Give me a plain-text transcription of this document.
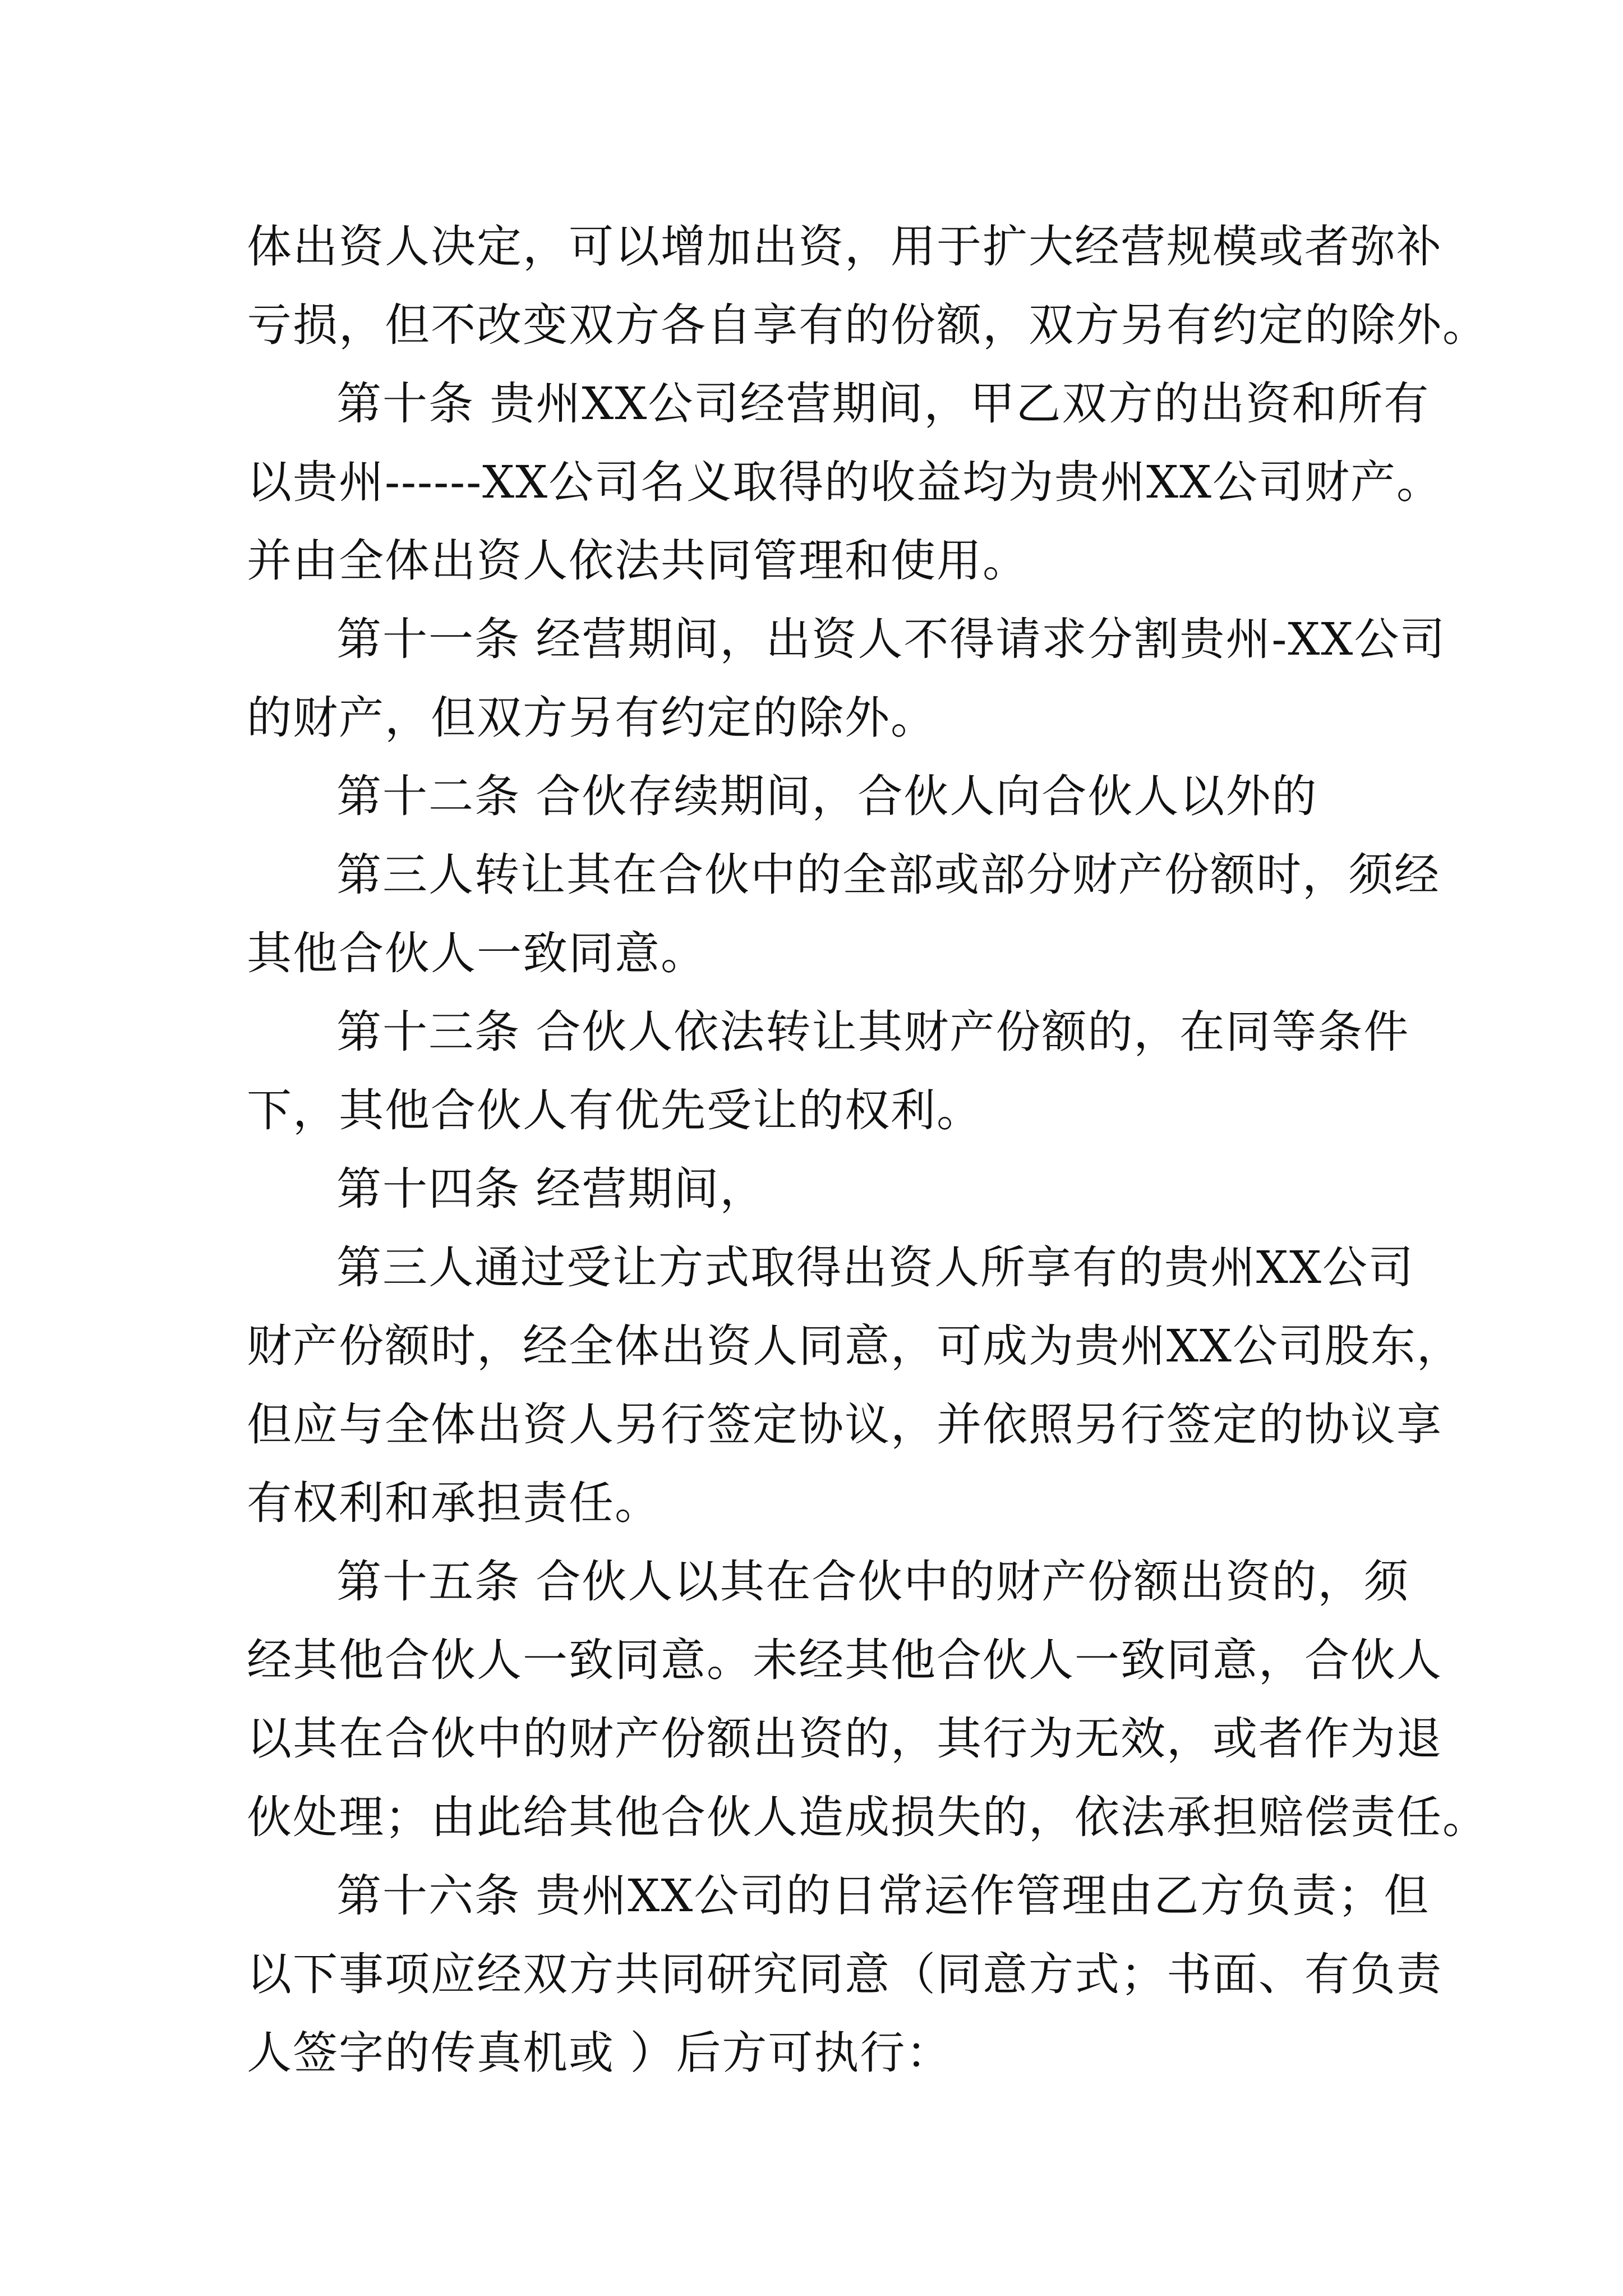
体出资人决定，可以增加出资，用于扩大经营规模或者弥补
亏损，但不改变双方各自享有的份额，双方另有约定的除外。
第十条 贵州XX公司经营期间，甲乙双方的出资和所有
以贵州------XX公司名义取得的收益均为贵州XX公司财产。
并由全体出资人依法共同管理和使用。
第十一条 经营期间，出资人不得请求分割贵州-XX公司
的财产，但双方另有约定的除外。
第十二条 合伙存续期间，合伙人向合伙人以外的
第三人转让其在合伙中的全部或部分财产份额时，须经
其他合伙人一致同意。
第十三条 合伙人依法转让其财产份额的，在同等条件
下，其他合伙人有优先受让的权利。
第十四条 经营期间，
第三人通过受让方式取得出资人所享有的贵州XX公司
财产份额时，经全体出资人同意，可成为贵州XX公司股东，
但应与全体出资人另行签定协议，并依照另行签定的协议享
有权利和承担责任。
第十五条 合伙人以其在合伙中的财产份额出资的，须
经其他合伙人一致同意。未经其他合伙人一致同意，合伙人
以其在合伙中的财产份额出资的，其行为无效，或者作为退
伙处理；由此给其他合伙人造成损失的，依法承担赔偿责任。
第十六条 贵州XX公司的日常运作管理由乙方负责；但
以下事项应经双方共同研究同意（同意方式；书面、有负责
人签字的传真机或 ）后方可执行：
